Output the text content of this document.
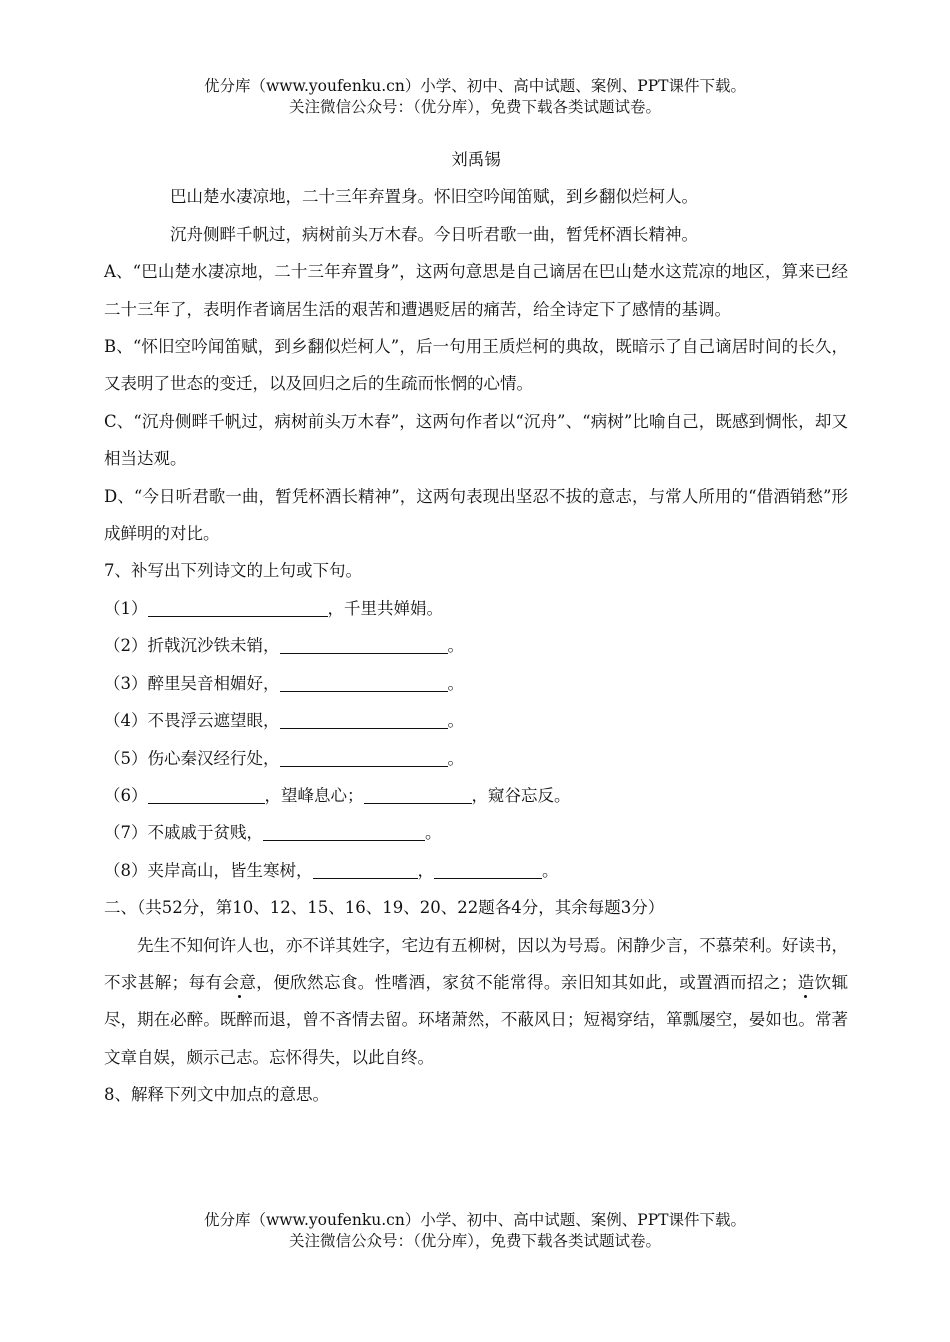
优分库（www.youfenku.cn）小学、初中、高中试题、案例、PPT课件下载。
关注微信公众号：（优分库），免费下载各类试题试卷。

刘禹锡

巴山楚水凄凉地，二十三年弃置身。怀旧空吟闻笛赋，到乡翻似烂柯人。

沉舟侧畔千帆过，病树前头万木春。今日听君歌一曲，暂凭杯酒长精神。

A、“巴山楚水凄凉地，二十三年弃置身”，这两句意思是自己谪居在巴山楚水这荒凉的地区，算来已经二十三年了，表明作者谪居生活的艰苦和遭遇贬居的痛苦，给全诗定下了感情的基调。

B、“怀旧空吟闻笛赋，到乡翻似烂柯人”，后一句用王质烂柯的典故，既暗示了自己谪居时间的长久，又表明了世态的变迁，以及回归之后的生疏而怅惘的心情。

C、“沉舟侧畔千帆过，病树前头万木春”，这两句作者以“沉舟”、“病树”比喻自己，既感到惆怅，却又相当达观。

D、“今日听君歌一曲，暂凭杯酒长精神”，这两句表现出坚忍不拔的意志，与常人所用的“借酒销愁”形成鲜明的对比。

7、补写出下列诗文的上句或下句。

（1）	，千里共婵娟。

（2）折戟沉沙铁未销，	。

（3）醉里吴音相媚好，	。

（4）不畏浮云遮望眼，	。

（5）伤心秦汉经行处，	。

（6）	，望峰息心；	，窥谷忘反。

（7）不戚戚于贫贱，	。

（8）夹岸高山，皆生寒树，	，	。

二、（共52分，第10、12、15、16、19、20、22题各4分，其余每题3分）

先生不知何许人也，亦不详其姓字，宅边有五柳树，因以为号焉。闲静少言，不慕荣利。好读书，不求甚解；每有会意，便欣然忘食。性嗜酒，家贫不能常得。亲旧知其如此，或置酒而招之；造饮辄尽，期在必醉。既醉而退，曾不吝情去留。环堵萧然，不蔽风日；短褐穿结，箪瓢屡空，晏如也。常著文章自娱，颇示己志。忘怀得失，以此自终。

8、解释下列文中加点的意思。

优分库（www.youfenku.cn）小学、初中、高中试题、案例、PPT课件下载。
关注微信公众号：（优分库），免费下载各类试题试卷。
